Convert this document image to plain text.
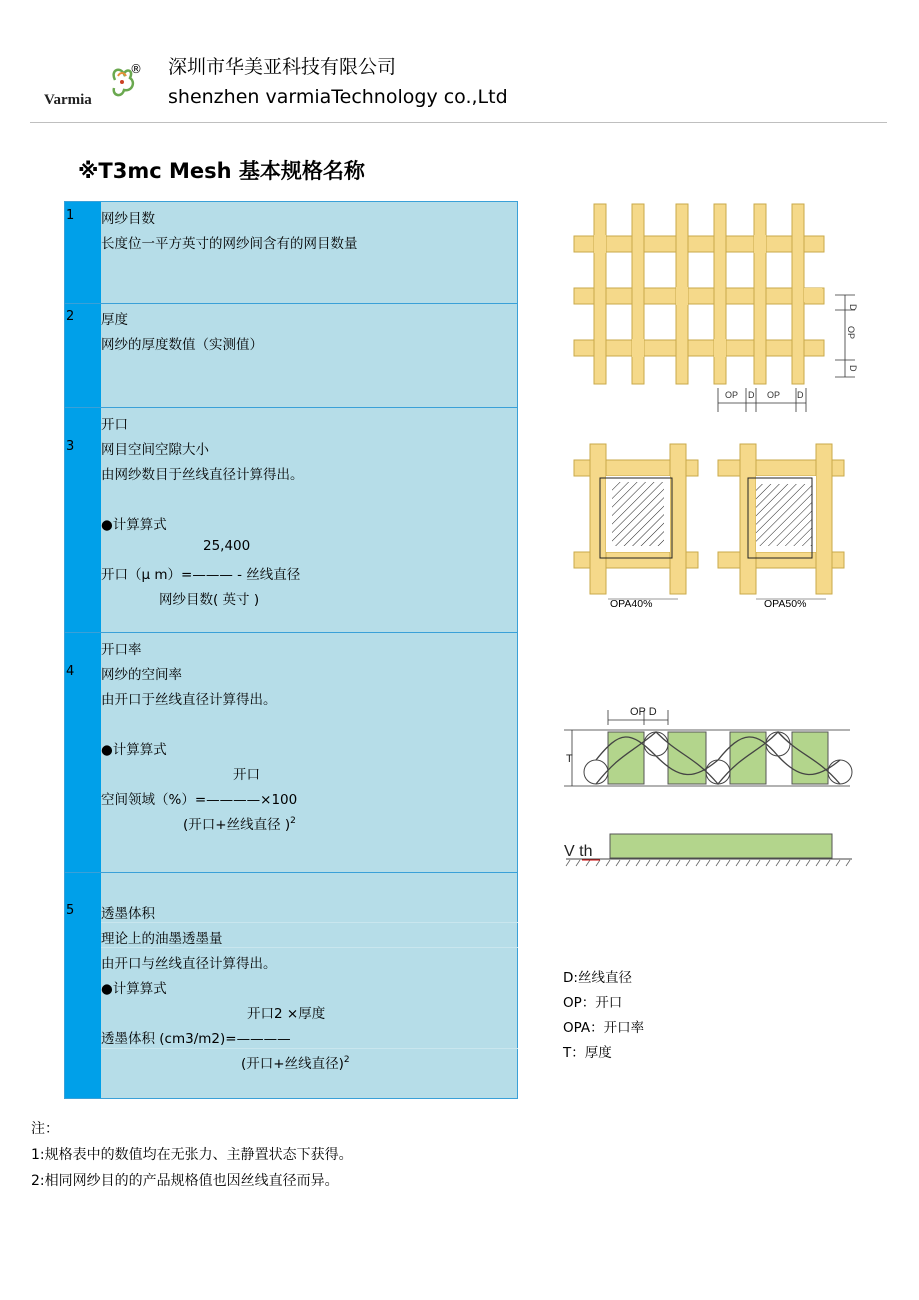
Varmia
® 深圳市华美亚科技有限公司
shenzhen varmiaTechnology co.,Ltd
※T3mc Mesh 基本规格名称
1 网纱目数
长度位一平方英寸的网纱间含有的网目数量
2 厚度
网纱的厚度数值（实测值）
开口
3 网目空间空隙大小
由网纱数目于丝线直径计算得出。
●计算算式
25,400
开口（μ m）=——— - 丝线直径
网纱目数( 英寸 )
开口率
4 网纱的空间率
由开口于丝线直径计算得出。
●计算算式
开口
空间领域（%）=————×100
(开口+丝线直径 )$^2$
5 透墨体积
理论上的油墨透墨量
由开口与丝线直径计算得出。
●计算算式
开口2 ×厚度
透墨体积 (cm3/m2)=————
(开口+丝线直径)$^2$
D
OP
D
OP D OP D
OPA40%	OPA50%
OP D
T
V th
D:丝线直径
OP：开口
OPA：开口率
T：厚度
注：
1:规格表中的数值均在无张力、主静置状态下获得。
2:相同网纱目的的产品规格值也因丝线直径而异。
